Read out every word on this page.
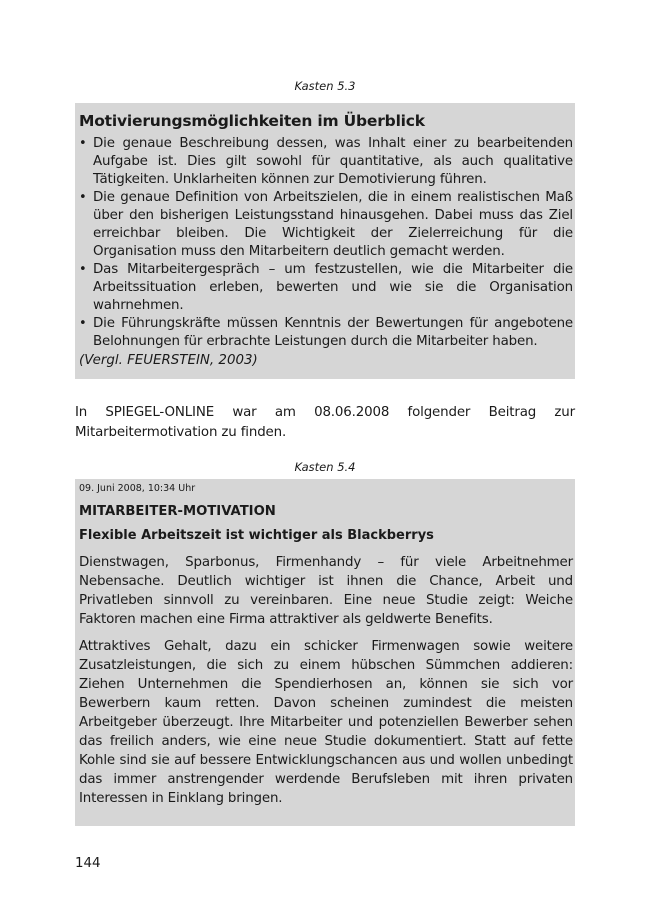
Kasten 5.3
Motivierungsmöglichkeiten im Überblick
• Die genaue Beschreibung dessen, was Inhalt einer zu bearbeitenden Aufgabe ist. Dies gilt sowohl für quantitative, als auch qualitative Tätigkeiten. Unklarheiten können zur Demotivierung führen.
• Die genaue Definition von Arbeitszielen, die in einem realistischen Maß über den bisherigen Leistungsstand hinausgehen. Dabei muss das Ziel erreichbar bleiben. Die Wichtigkeit der Zielerreichung für die Organisation muss den Mitarbeitern deutlich gemacht werden.
• Das Mitarbeitergespräch – um festzustellen, wie die Mitarbeiter die Arbeitssituation erleben, bewerten und wie sie die Organisation wahrnehmen.
• Die Führungskräfte müssen Kenntnis der Bewertungen für angebotene Belohnungen für erbrachte Leistungen durch die Mitarbeiter haben.
(Vergl. FEUERSTEIN, 2003)
In SPIEGEL-ONLINE war am 08.06.2008 folgender Beitrag zur Mitarbeitermotivation zu finden.
Kasten 5.4
09. Juni 2008, 10:34 Uhr
MITARBEITER-MOTIVATION
Flexible Arbeitszeit ist wichtiger als Blackberrys

Dienstwagen, Sparbonus, Firmenhandy – für viele Arbeitnehmer Nebensache. Deutlich wichtiger ist ihnen die Chance, Arbeit und Privatleben sinnvoll zu vereinbaren. Eine neue Studie zeigt: Weiche Faktoren machen eine Firma attraktiver als geldwerte Benefits.

Attraktives Gehalt, dazu ein schicker Firmenwagen sowie weitere Zusatzleistungen, die sich zu einem hübschen Sümmchen addieren: Ziehen Unternehmen die Spendierhosen an, können sie sich vor Bewerbern kaum retten. Davon scheinen zumindest die meisten Arbeitgeber überzeugt. Ihre Mitarbeiter und potenziellen Bewerber sehen das freilich anders, wie eine neue Studie dokumentiert. Statt auf fette Kohle sind sie auf bessere Entwicklungschancen aus und wollen unbedingt das immer anstrengender werdende Berufsleben mit ihren privaten Interessen in Einklang bringen.

144
